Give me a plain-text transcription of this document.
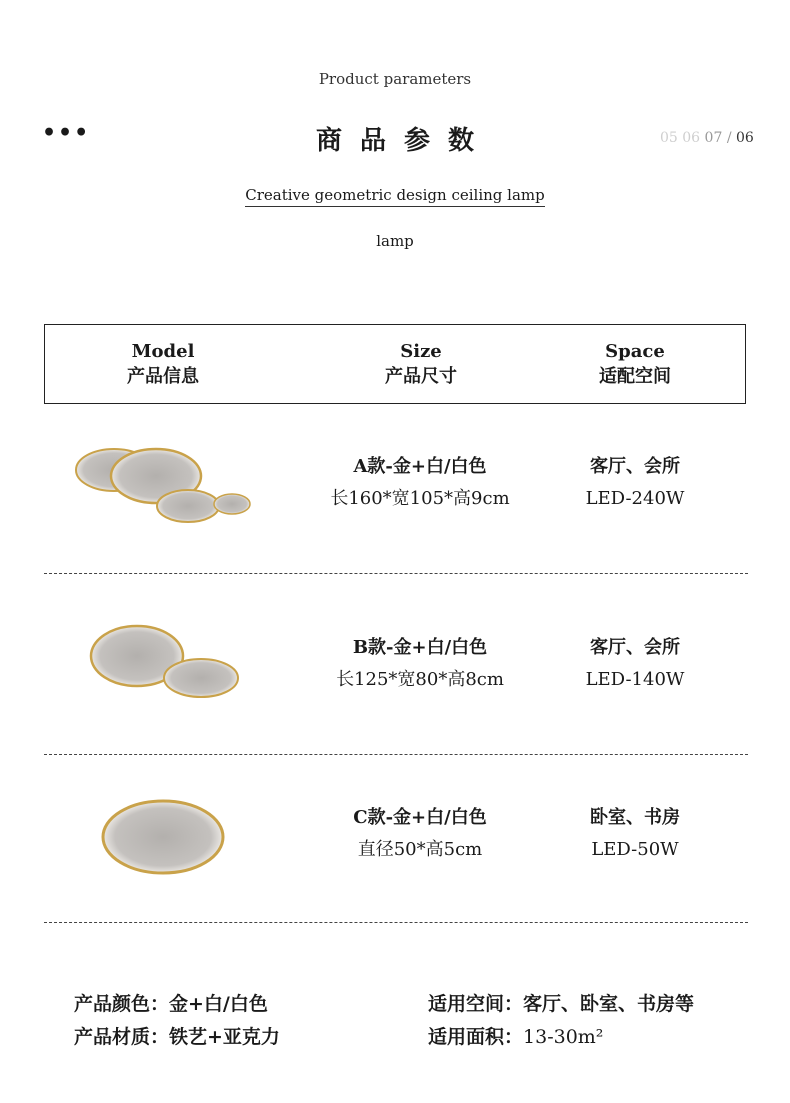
Product parameters
•••	商品参数	05 06 07 / 06
Creative geometric design ceiling lamp
lamp
Model
产品信息
Size
产品尺寸
Space
适配空间
A款-金+白/白色
长160*宽105*高9cm
客厅、会所
LED-240W
B款-金+白/白色
长125*宽80*高8cm
客厅、会所
LED-140W
C款-金+白/白色
直径50*高5cm
卧室、书房
LED-50W
产品颜色：金+白/白色
产品材质：铁艺+亚克力
适用空间：客厅、卧室、书房等
适用面积：13-30m²
